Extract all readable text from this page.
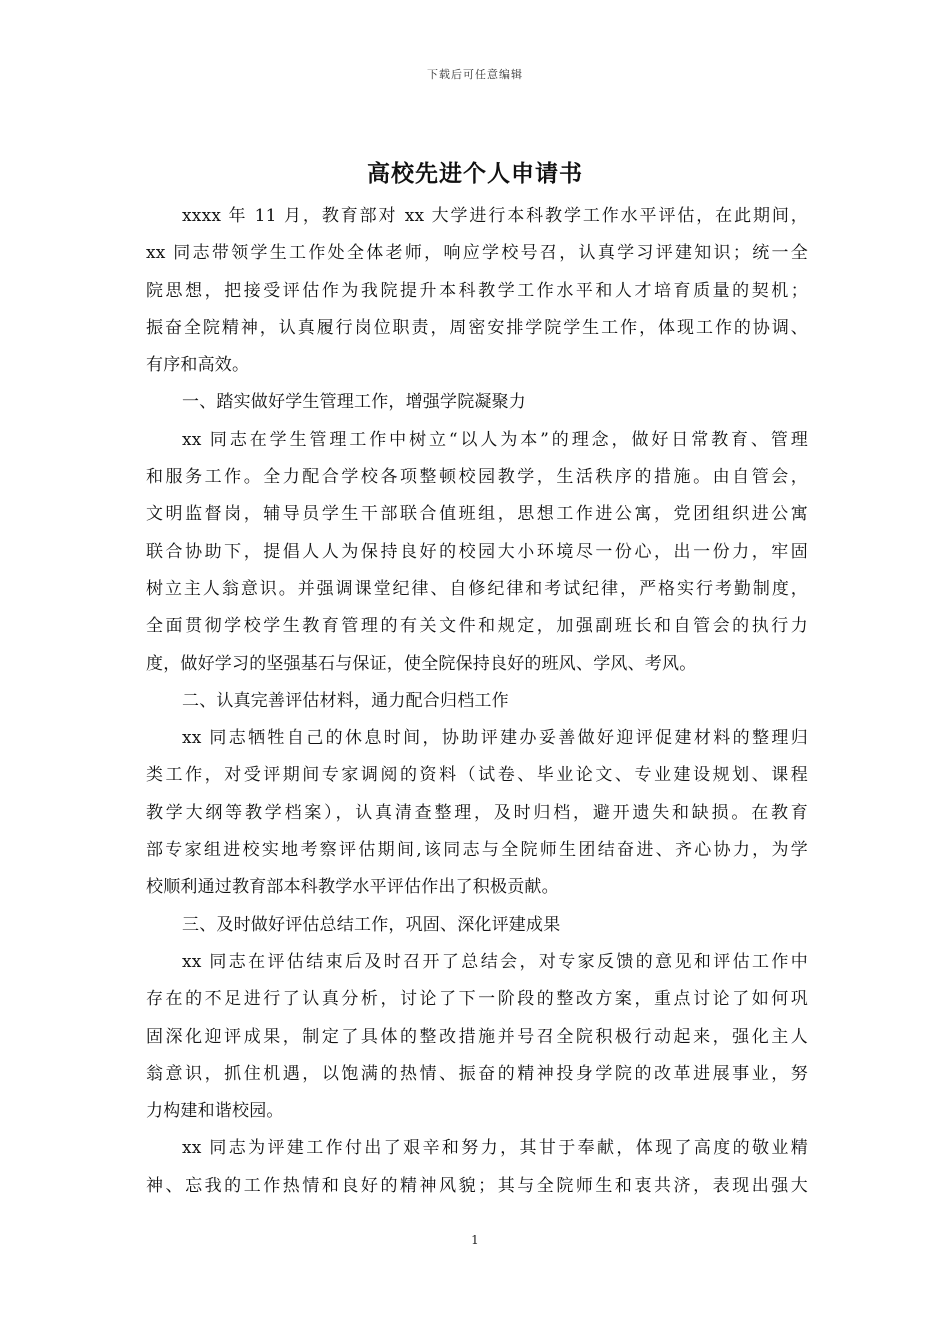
下载后可任意编辑
高校先进个人申请书
xxxx 年 11 月，教育部对 xx 大学进行本科教学工作水平评估，在此期间，
xx 同志带领学生工作处全体老师，响应学校号召，认真学习评建知识；统一全
院思想，把接受评估作为我院提升本科教学工作水平和人才培育质量的契机；
振奋全院精神，认真履行岗位职责，周密安排学院学生工作，体现工作的协调、
有序和高效。
一、踏实做好学生管理工作，增强学院凝聚力
xx 同志在学生管理工作中树立“以人为本”的理念，做好日常教育、管理
和服务工作。全力配合学校各项整顿校园教学，生活秩序的措施。由自管会，
文明监督岗，辅导员学生干部联合值班组，思想工作进公寓，党团组织进公寓
联合协助下，提倡人人为保持良好的校园大小环境尽一份心，出一份力，牢固
树立主人翁意识。并强调课堂纪律、自修纪律和考试纪律，严格实行考勤制度，
全面贯彻学校学生教育管理的有关文件和规定，加强副班长和自管会的执行力
度，做好学习的坚强基石与保证，使全院保持良好的班风、学风、考风。
二、认真完善评估材料，通力配合归档工作
xx 同志牺牲自己的休息时间，协助评建办妥善做好迎评促建材料的整理归
类工作，对受评期间专家调阅的资料（试卷、毕业论文、专业建设规划、课程
教学大纲等教学档案），认真清查整理，及时归档，避开遗失和缺损。在教育
部专家组进校实地考察评估期间,该同志与全院师生团结奋进、齐心协力，为学
校顺利通过教育部本科教学水平评估作出了积极贡献。
三、及时做好评估总结工作，巩固、深化评建成果
xx 同志在评估结束后及时召开了总结会，对专家反馈的意见和评估工作中
存在的不足进行了认真分析，讨论了下一阶段的整改方案，重点讨论了如何巩
固深化迎评成果，制定了具体的整改措施并号召全院积极行动起来，强化主人
翁意识，抓住机遇，以饱满的热情、振奋的精神投身学院的改革进展事业，努
力构建和谐校园。
xx 同志为评建工作付出了艰辛和努力，其甘于奉献，体现了高度的敬业精
神、忘我的工作热情和良好的精神风貌；其与全院师生和衷共济，表现出强大
1
